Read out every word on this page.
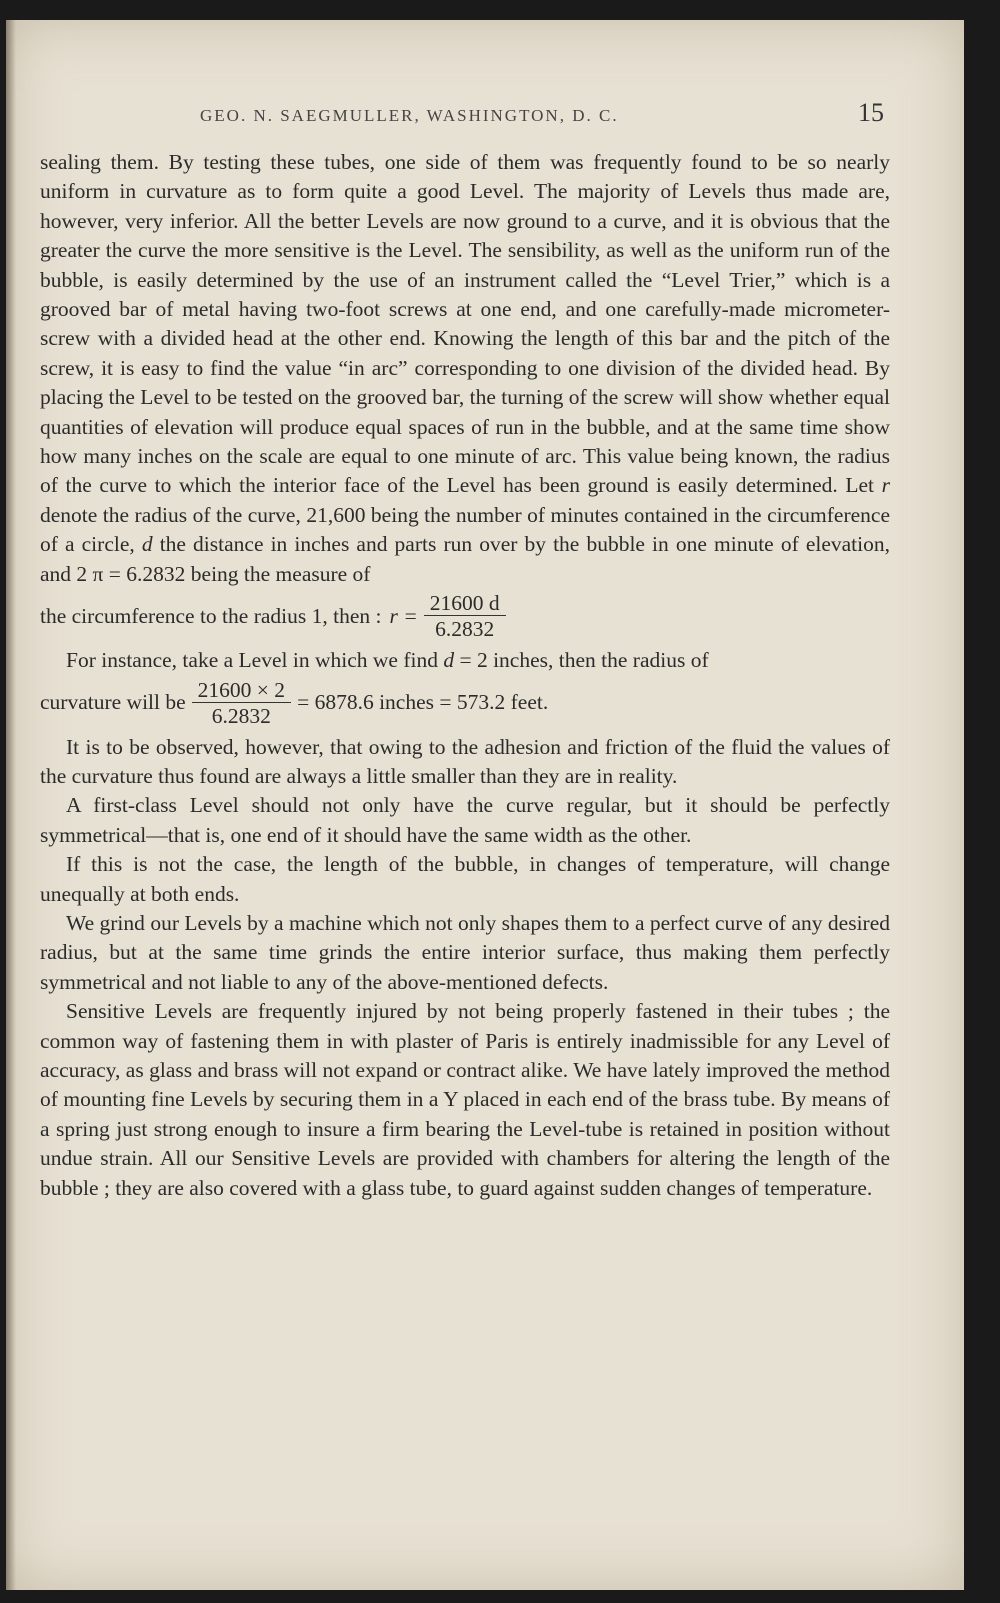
GEO. N. SAEGMULLER, WASHINGTON, D. C.	15

sealing them. By testing these tubes, one side of them was frequently found to be so nearly uniform in curvature as to form quite a good Level. The majority of Levels thus made are, however, very inferior. All the better Levels are now ground to a curve, and it is obvious that the greater the curve the more sensitive is the Level. The sensibility, as well as the uniform run of the bubble, is easily determined by the use of an instrument called the “Level Trier,” which is a grooved bar of metal having two-foot screws at one end, and one carefully-made micrometer-screw with a divided head at the other end. Knowing the length of this bar and the pitch of the screw, it is easy to find the value “in arc” corresponding to one division of the divided head. By placing the Level to be tested on the grooved bar, the turning of the screw will show whether equal quantities of elevation will produce equal spaces of run in the bubble, and at the same time show how many inches on the scale are equal to one minute of arc. This value being known, the radius of the curve to which the interior face of the Level has been ground is easily determined. Let r denote the radius of the curve, 21,600 being the number of minutes contained in the circumference of a circle, d the distance in inches and parts run over by the bubble in one minute of elevation, and 2 π = 6.2832 being the measure of

the circumference to the radius 1, then : $r = \frac{21600 d}{6.2832}$

For instance, take a Level in which we find d = 2 inches, then the radius of

curvature will be $\frac{21600 \times 2}{6.2832} = 6878.6$ inches = 573.2 feet.

It is to be observed, however, that owing to the adhesion and friction of the fluid the values of the curvature thus found are always a little smaller than they are in reality.

A first-class Level should not only have the curve regular, but it should be perfectly symmetrical—that is, one end of it should have the same width as the other.

If this is not the case, the length of the bubble, in changes of temperature, will change unequally at both ends.

We grind our Levels by a machine which not only shapes them to a perfect curve of any desired radius, but at the same time grinds the entire interior surface, thus making them perfectly symmetrical and not liable to any of the above-mentioned defects.

Sensitive Levels are frequently injured by not being properly fastened in their tubes ; the common way of fastening them in with plaster of Paris is entirely inadmissible for any Level of accuracy, as glass and brass will not expand or contract alike. We have lately improved the method of mounting fine Levels by securing them in a Y placed in each end of the brass tube. By means of a spring just strong enough to insure a firm bearing the Level-tube is retained in position without undue strain. All our Sensitive Levels are provided with chambers for altering the length of the bubble ; they are also covered with a glass tube, to guard against sudden changes of temperature.
